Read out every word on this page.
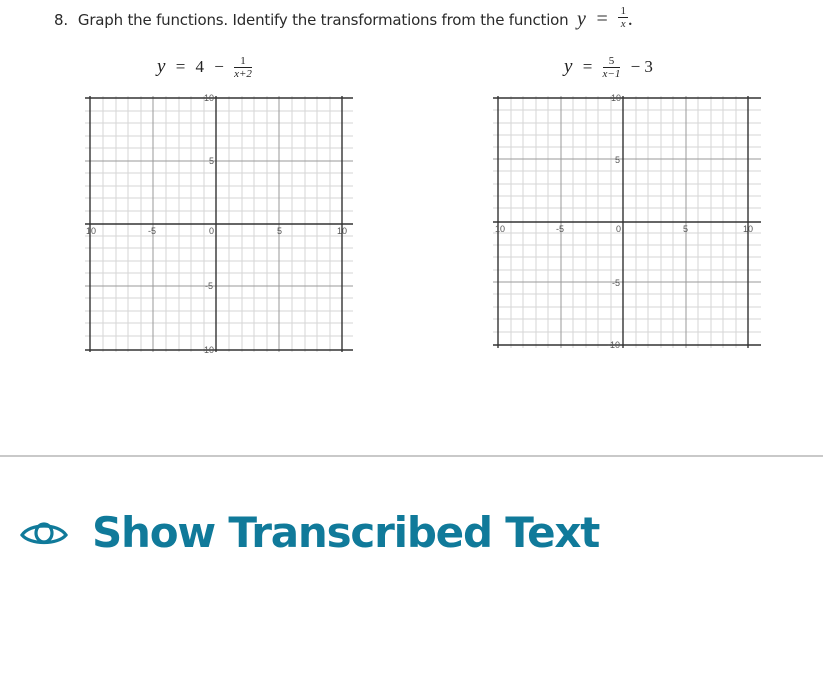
8. Graph the functions. Identify the transformations from the function $y = \frac{1}{x}$ .
$y = 4 - \frac{1}{x+2}$	$y = \frac{5}{x-1} - 3$
10	-5	0	5	10
10
5
-5
-10
10	-5	0	5	10
10
5
-5
-10
Show Transcribed Text
